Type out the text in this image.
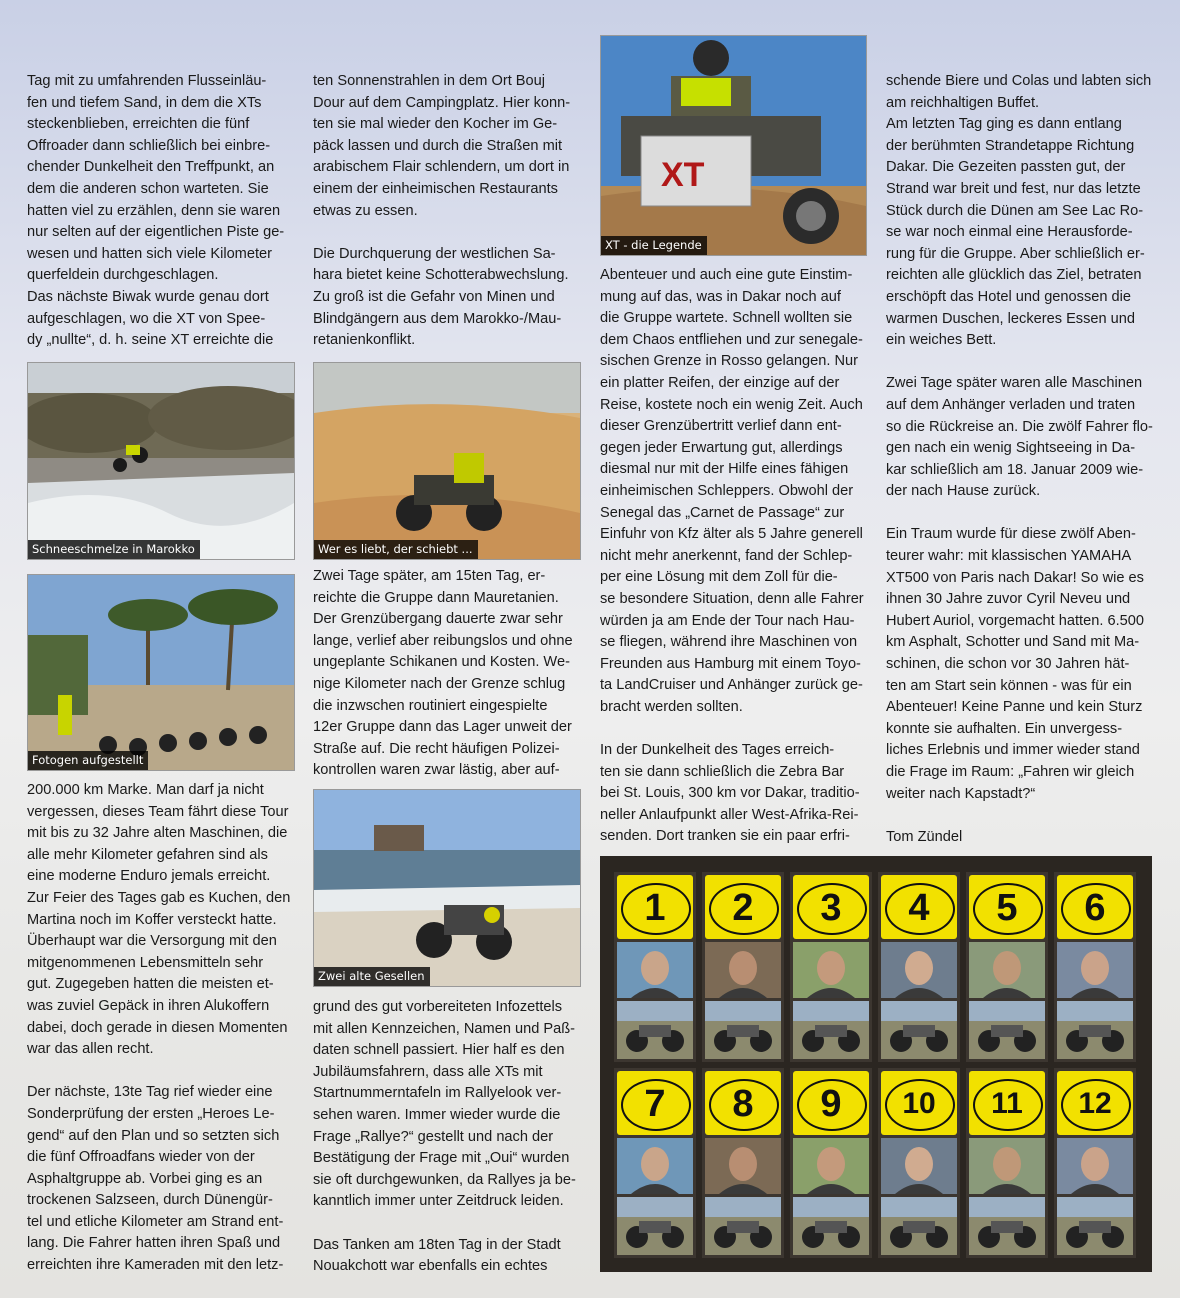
Tag mit zu umfahrenden Flusseinläu-
fen und tiefem Sand, in dem die XTs
steckenblieben, erreichten die fünf
Offroader dann schließlich bei einbre-
chender Dunkelheit den Treffpunkt, an
dem die anderen schon warteten. Sie
hatten viel zu erzählen, denn sie waren
nur selten auf der eigentlichen Piste ge-
wesen und hatten sich viele Kilometer
querfeldein durchgeschlagen.
Das nächste Biwak wurde genau dort
aufgeschlagen, wo die XT von Spee-
dy „nullte“, d. h. seine XT erreichte die

Schneeschmelze in Marokko
Fotogen aufgestellt

200.000 km Marke. Man darf ja nicht
vergessen, dieses Team fährt diese Tour
mit bis zu 32 Jahre alten Maschinen, die
alle mehr Kilometer gefahren sind als
eine moderne Enduro jemals erreicht.
Zur Feier des Tages gab es Kuchen, den
Martina noch im Koffer versteckt hatte.
Überhaupt war die Versorgung mit den
mitgenommenen Lebensmitteln sehr
gut. Zugegeben hatten die meisten et-
was zuviel Gepäck in ihren Alukoffern
dabei, doch gerade in diesen Momenten
war das allen recht.

Der nächste, 13te Tag rief wieder eine
Sonderprüfung der ersten „Heroes Le-
gend“ auf den Plan und so setzten sich
die fünf Offroadfans wieder von der
Asphaltgruppe ab. Vorbei ging es an
trockenen Salzseen, durch Dünengür-
tel und etliche Kilometer am Strand ent-
lang. Die Fahrer hatten ihren Spaß und
erreichten ihre Kameraden mit den letz-

ten Sonnenstrahlen in dem Ort Bouj
Dour auf dem Campingplatz. Hier konn-
ten sie mal wieder den Kocher im Ge-
päck lassen und durch die Straßen mit
arabischem Flair schlendern, um dort in
einem der einheimischen Restaurants
etwas zu essen.

Die Durchquerung der westlichen Sa-
hara bietet keine Schotterabwechslung.
Zu groß ist die Gefahr von Minen und
Blindgängern aus dem Marokko-/Mau-
retanienkonflikt.

Wer es liebt, der schiebt ...

Zwei Tage später, am 15ten Tag, er-
reichte die Gruppe dann Mauretanien.
Der Grenzübergang dauerte zwar sehr
lange, verlief aber reibungslos und ohne
ungeplante Schikanen und Kosten. We-
nige Kilometer nach der Grenze schlug
die inzwschen routiniert eingespielte
12er Gruppe dann das Lager unweit der
Straße auf. Die recht häufigen Polizei-
kontrollen waren zwar lästig, aber auf-

Zwei alte Gesellen

grund des gut vorbereiteten Infozettels
mit allen Kennzeichen, Namen und Paß-
daten schnell passiert. Hier half es den
Jubiläumsfahrern, dass alle XTs mit
Startnummerntafeln im Rallyelook ver-
sehen waren. Immer wieder wurde die
Frage „Rallye?“ gestellt und nach der
Bestätigung der Frage mit „Oui“ wurden
sie oft durchgewunken, da Rallyes ja be-
kanntlich immer unter Zeitdruck leiden.

Das Tanken am 18ten Tag in der Stadt
Nouakchott war ebenfalls ein echtes

XT
XT - die Legende

Abenteuer und auch eine gute Einstim-
mung auf das, was in Dakar noch auf
die Gruppe wartete. Schnell wollten sie
dem Chaos entfliehen und zur senegale-
sischen Grenze in Rosso gelangen. Nur
ein platter Reifen, der einzige auf der
Reise, kostete noch ein wenig Zeit. Auch
dieser Grenzübertritt verlief dann ent-
gegen jeder Erwartung gut, allerdings
diesmal nur mit der Hilfe eines fähigen
einheimischen Schleppers. Obwohl der
Senegal das „Carnet de Passage“ zur
Einfuhr von Kfz älter als 5 Jahre generell
nicht mehr anerkennt, fand der Schlep-
per eine Lösung mit dem Zoll für die-
se besondere Situation, denn alle Fahrer
würden ja am Ende der Tour nach Hau-
se fliegen, während ihre Maschinen von
Freunden aus Hamburg mit einem Toyo-
ta LandCruiser und Anhänger zurück ge-
bracht werden sollten.

In der Dunkelheit des Tages erreich-
ten sie dann schließlich die Zebra Bar
bei St. Louis, 300 km vor Dakar, traditio-
neller Anlaufpunkt aller West-Afrika-Rei-
senden. Dort tranken sie ein paar erfri-

schende Biere und Colas und labten sich
am reichhaltigen Buffet.
Am letzten Tag ging es dann entlang
der berühmten Strandetappe Richtung
Dakar. Die Gezeiten passten gut, der
Strand war breit und fest, nur das letzte
Stück durch die Dünen am See Lac Ro-
se war noch einmal eine Herausforde-
rung für die Gruppe. Aber schließlich er-
reichten alle glücklich das Ziel, betraten
erschöpft das Hotel und genossen die
warmen Duschen, leckeres Essen und
ein weiches Bett.

Zwei Tage später waren alle Maschinen
auf dem Anhänger verladen und traten
so die Rückreise an. Die zwölf Fahrer flo-
gen nach ein wenig Sightseeing in Da-
kar schließlich am 18. Januar 2009 wie-
der nach Hause zurück.

Ein Traum wurde für diese zwölf Aben-
teurer wahr: mit klassischen YAMAHA
XT500 von Paris nach Dakar! So wie es
ihnen 30 Jahre zuvor Cyril Neveu und
Hubert Auriol, vorgemacht hatten. 6.500
km Asphalt, Schotter und Sand mit Ma-
schinen, die schon vor 30 Jahren hät-
ten am Start sein können - was für ein
Abenteuer! Keine Panne und kein Sturz
konnte sie aufhalten. Ein unvergess-
liches Erlebnis und immer wieder stand
die Frage im Raum: „Fahren wir gleich
weiter nach Kapstadt?“

Tom Zündel

1	2	3	4	5	6
7	8	9	10	11	12
